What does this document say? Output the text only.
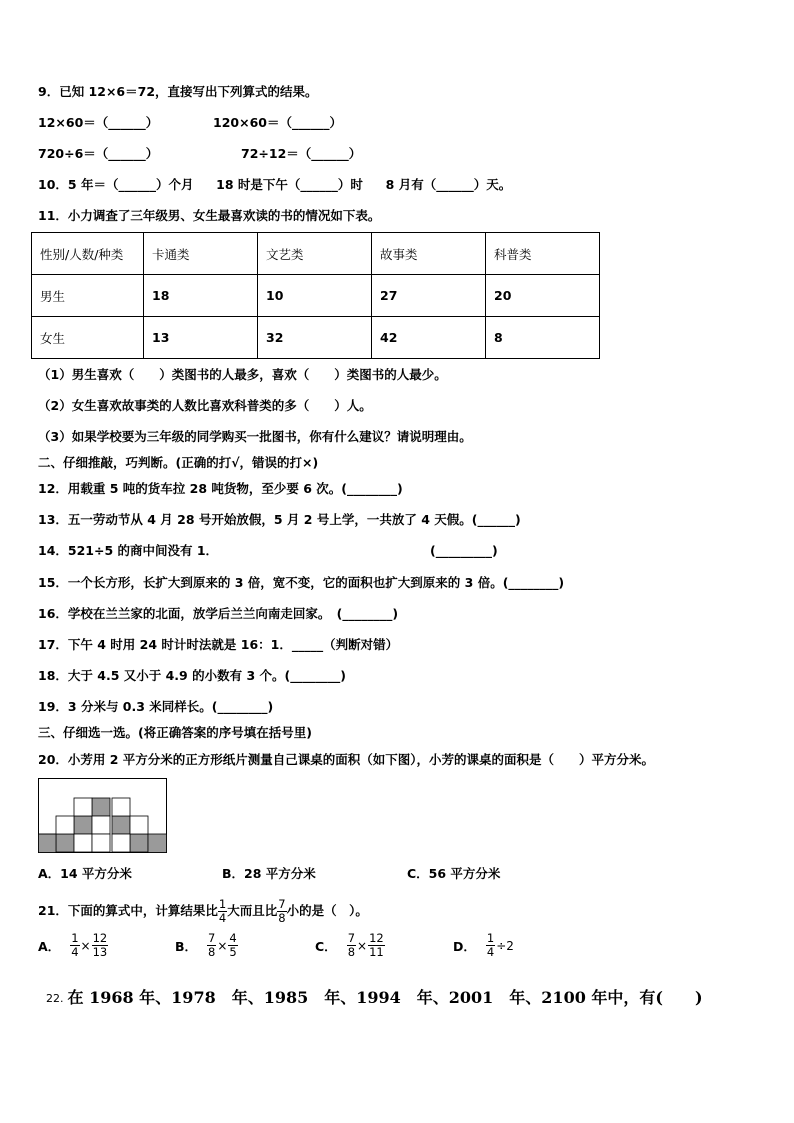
9．已知 12×6＝72，直接写出下列算式的结果。
12×60＝（______）	120×60＝（______）
720÷6＝（______）	72÷12＝（______）
10．5 年＝（______）个月 18 时是下午（______）时 8 月有（______）天。
11．小力调查了三年级男、女生最喜欢读的书的情况如下表。
性别/人数/种类	卡通类	文艺类	故事类	科普类
男生	18	10	27	20
女生	13	32	42	8
（1）男生喜欢（　　）类图书的人最多，喜欢（　　）类图书的人最少。
（2）女生喜欢故事类的人数比喜欢科普类的多（　　）人。
（3）如果学校要为三年级的同学购买一批图书，你有什么建议？请说明理由。
二、仔细推敲，巧判断。(正确的打√，错误的打×)
12．用载重 5 吨的货车拉 28 吨货物，至少要 6 次。(________)
13．五一劳动节从 4 月 28 号开始放假，5 月 2 号上学，一共放了 4 天假。(______)
14．521÷5 的商中间没有 1．	(_________)
15．一个长方形，长扩大到原来的 3 倍，宽不变，它的面积也扩大到原来的 3 倍。(________)
16．学校在兰兰家的北面，放学后兰兰向南走回家。　(________)
17．下午 4 时用 24 时计时法就是 16：1．_____（判断对错）
18．大于 4.5 又小于 4.9 的小数有 3 个。(________)
19．3 分米与 0.3 米同样长。(________)
三、仔细选一选。(将正确答案的序号填在括号里)
20．小芳用 2 平方分米的正方形纸片测量自己课桌的面积（如下图），小芳的课桌的面积是（　　）平方分米。
A．14 平方分米	B．28 平方分米	C．56 平方分米
21．下面的算式中，计算结果比 $\frac{1}{4}$ 大而且比 $\frac{7}{8}$ 小的是（　）。
A． $\frac{1}{4} \times \frac{12}{13}$	B． $\frac{7}{8} \times \frac{4}{5}$	C． $\frac{7}{8} \times \frac{12}{11}$	D． $\frac{1}{4} \div 2$
22. 在 1968 年、1978　年、1985　年、1994　年、2001　年、2100 年中，有(　　)
